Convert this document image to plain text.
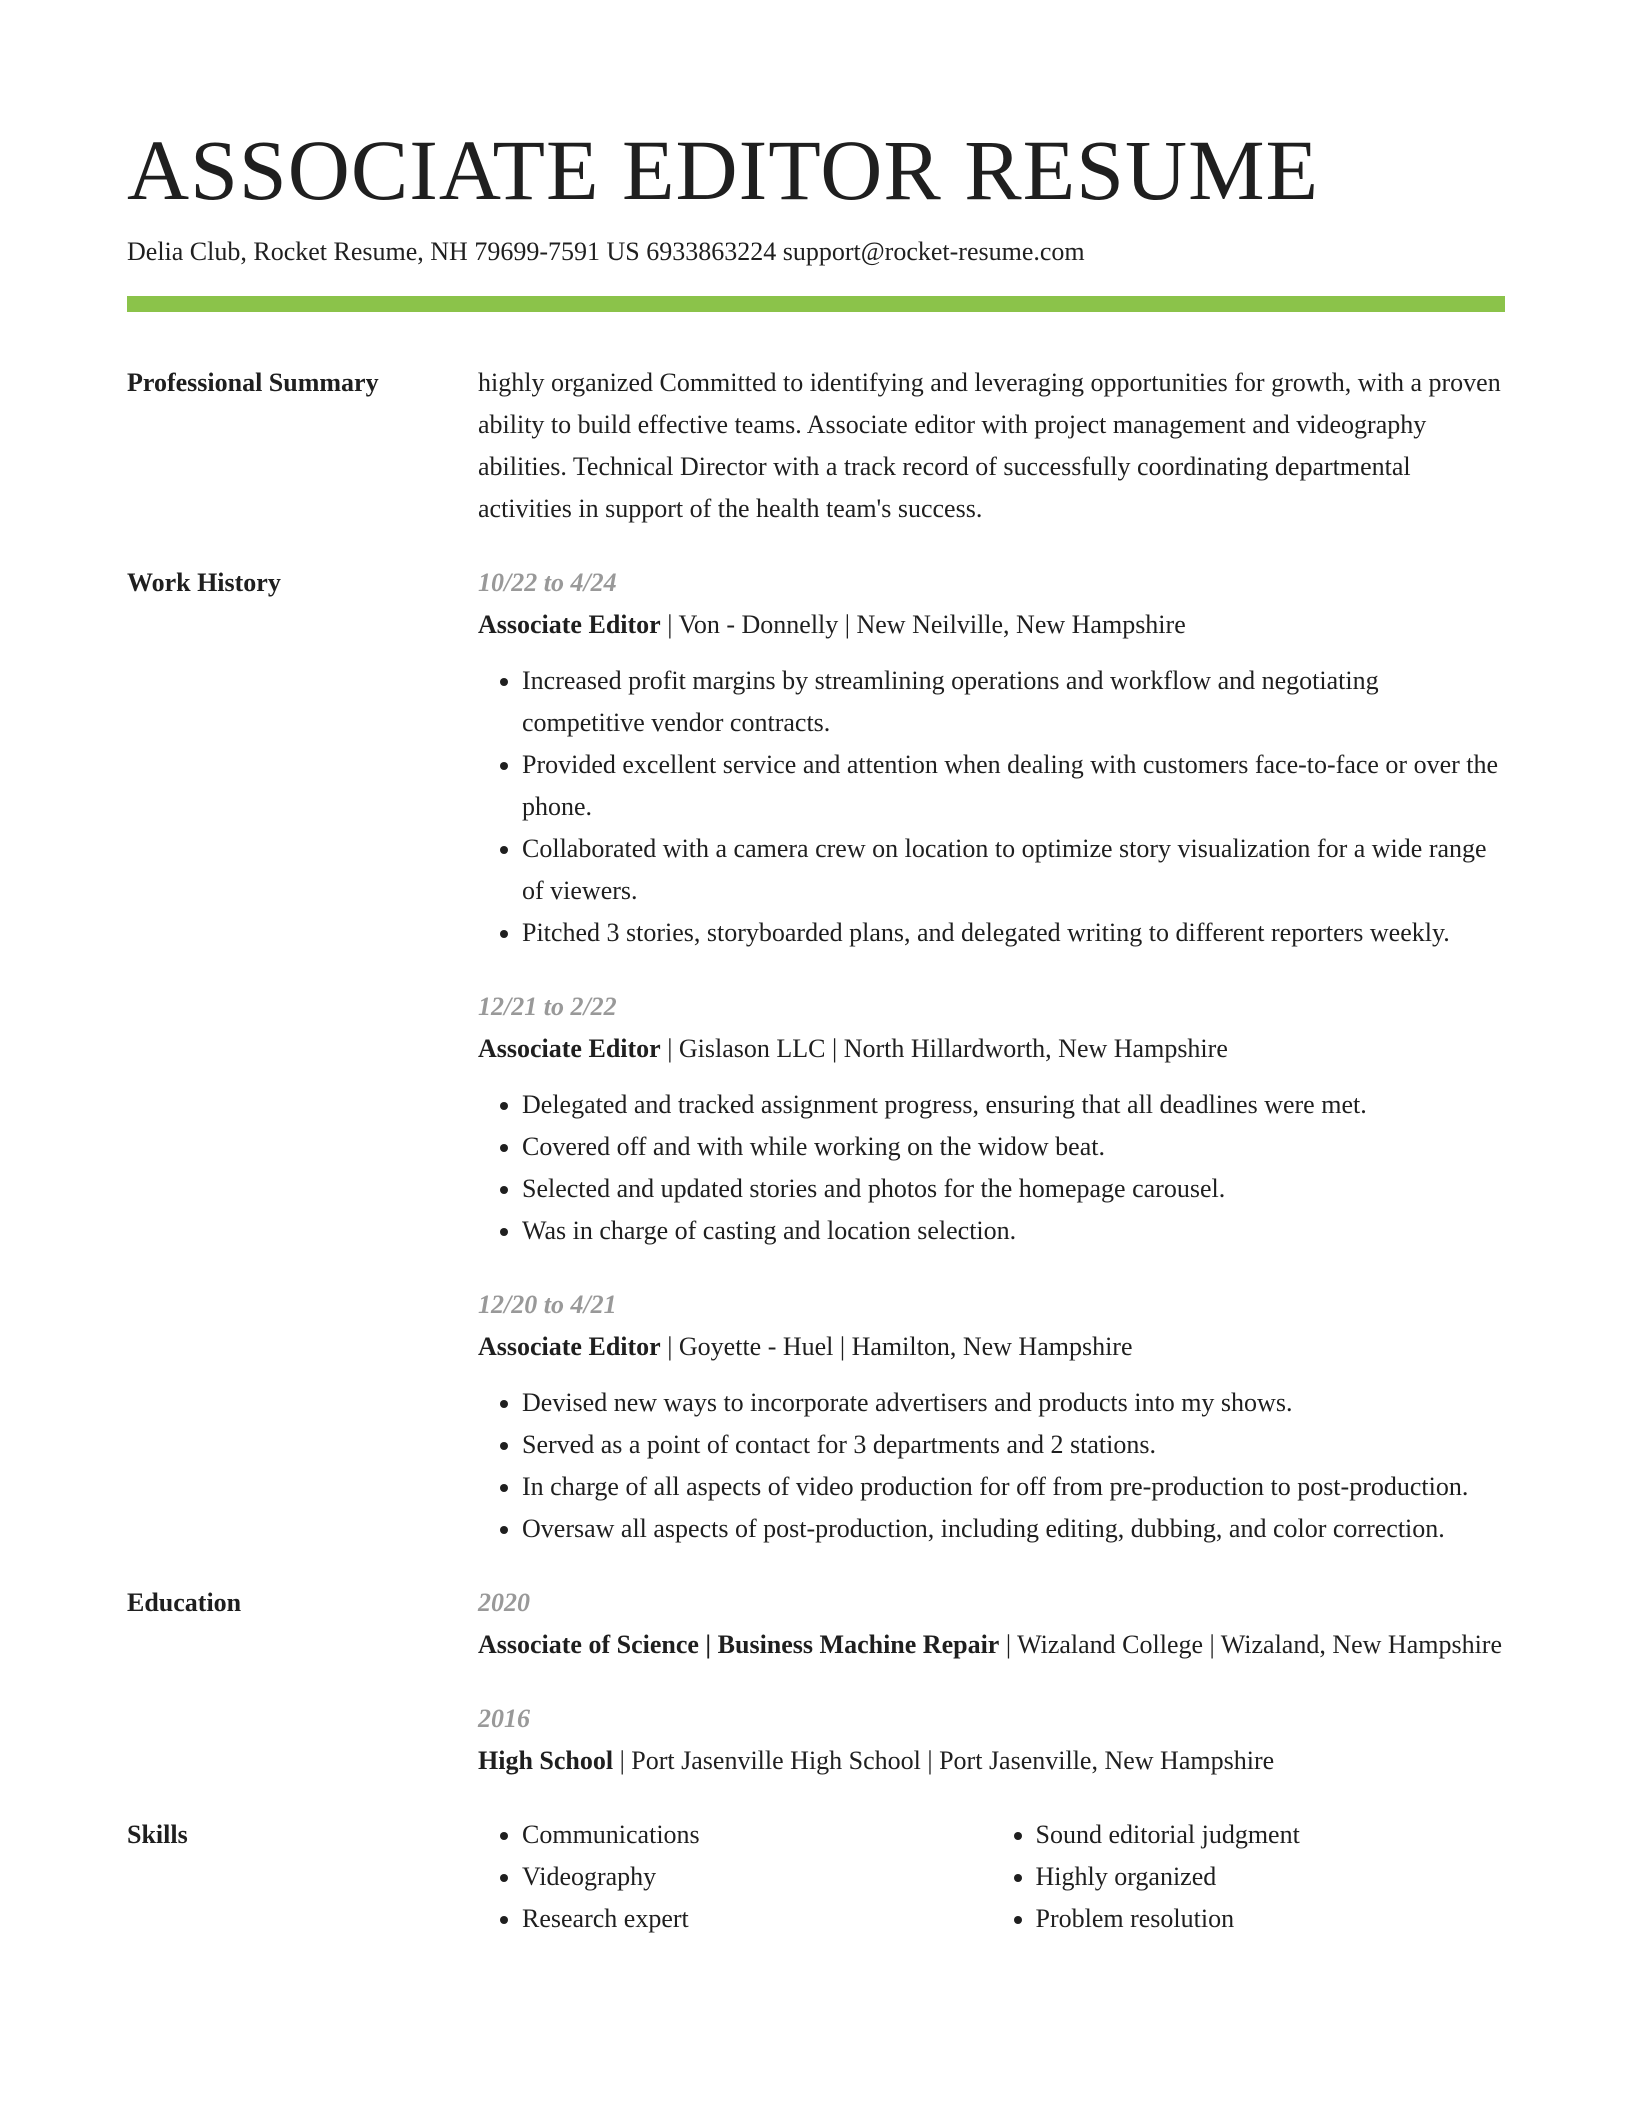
ASSOCIATE EDITOR RESUME
Delia Club, Rocket Resume, NH 79699-7591 US 6933863224 support@rocket-resume.com
Professional Summary	highly organized Committed to identifying and leveraging opportunities for growth, with a proven ability to build effective teams. Associate editor with project management and videography abilities. Technical Director with a track record of successfully coordinating departmental activities in support of the health team's success.
Work History	10/22 to 4/24
Associate Editor | Von - Donnelly | New Neilville, New Hampshire
• Increased profit margins by streamlining operations and workflow and negotiating competitive vendor contracts.
• Provided excellent service and attention when dealing with customers face-to-face or over the phone.
• Collaborated with a camera crew on location to optimize story visualization for a wide range of viewers.
• Pitched 3 stories, storyboarded plans, and delegated writing to different reporters weekly.
12/21 to 2/22
Associate Editor | Gislason LLC | North Hillardworth, New Hampshire
• Delegated and tracked assignment progress, ensuring that all deadlines were met.
• Covered off and with while working on the widow beat.
• Selected and updated stories and photos for the homepage carousel.
• Was in charge of casting and location selection.
12/20 to 4/21
Associate Editor | Goyette - Huel | Hamilton, New Hampshire
• Devised new ways to incorporate advertisers and products into my shows.
• Served as a point of contact for 3 departments and 2 stations.
• In charge of all aspects of video production for off from pre-production to post-production.
• Oversaw all aspects of post-production, including editing, dubbing, and color correction.
Education	2020
Associate of Science | Business Machine Repair | Wizaland College | Wizaland, New Hampshire
2016
High School | Port Jasenville High School | Port Jasenville, New Hampshire
Skills
•	Communications
• Videography
• Research expert
• Sound editorial judgment
• Highly organized
• Problem resolution
